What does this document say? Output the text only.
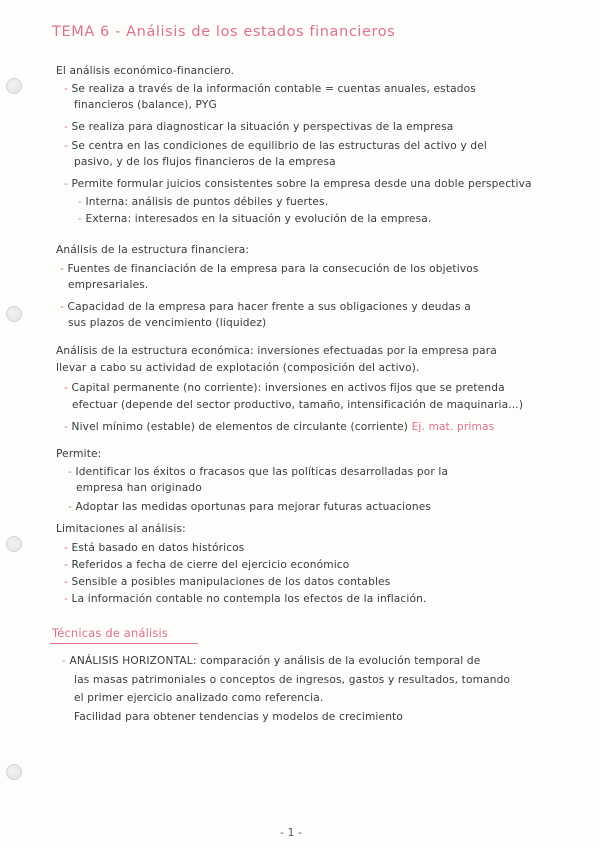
TEMA 6 - Análisis de los estados financieros
El análisis económico-financiero.
- Se realiza a través de la información contable = cuentas anuales, estados
financieros (balance), PYG
- Se realiza para diagnosticar la situación y perspectivas de la empresa
- Se centra en las condiciones de equilibrio de las estructuras del activo y del
pasivo, y de los flujos financieros de la empresa
- Permite formular juicios consistentes sobre la empresa desde una doble perspectiva
- Interna: análisis de puntos débiles y fuertes.
- Externa: interesados en la situación y evolución de la empresa.
Análisis de la estructura financiera:
- Fuentes de financiación de la empresa para la consecución de los objetivos
empresariales.
- Capacidad de la empresa para hacer frente a sus obligaciones y deudas a
sus plazos de vencimiento (liquidez)
Análisis de la estructura económica: inversiones efectuadas por la empresa para
llevar a cabo su actividad de explotación (composición del activo).
- Capital permanente (no corriente): inversiones en activos fijos que se pretenda
efectuar (depende del sector productivo, tamaño, intensificación de maquinaria...)
- Nivel mínimo (estable) de elementos de circulante (corriente) Ej. mat. primas
Permite:
- Identificar los éxitos o fracasos que las políticas desarrolladas por la
empresa han originado
- Adoptar las medidas oportunas para mejorar futuras actuaciones
Limitaciones al análisis:
- Está basado en datos históricos
- Referidos a fecha de cierre del ejercicio económico
- Sensible a posibles manipulaciones de los datos contables
- La información contable no contempla los efectos de la inflación.
Técnicas de análisis
- ANÁLISIS HORIZONTAL: comparación y análisis de la evolución temporal de
las masas patrimoniales o conceptos de ingresos, gastos y resultados, tomando
el primer ejercicio analizado como referencia.
Facilidad para obtener tendencias y modelos de crecimiento
- 1 -
